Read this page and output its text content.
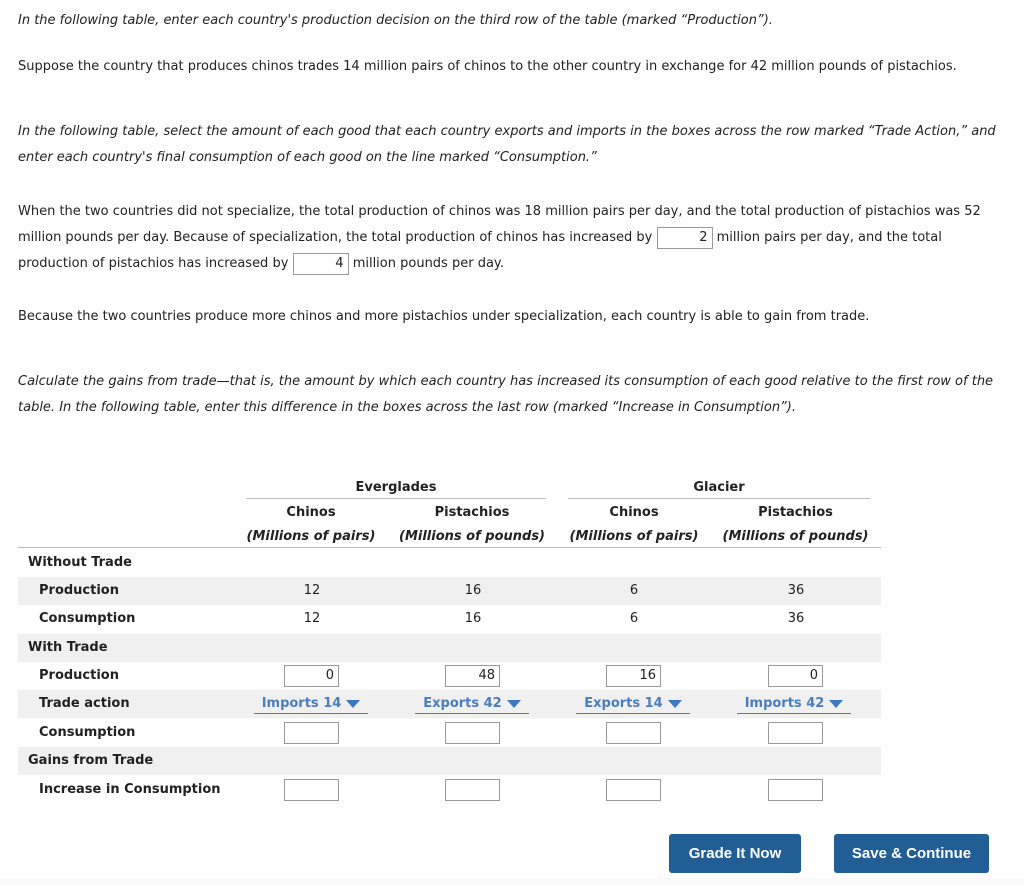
In the following table, enter each country's production decision on the third row of the table (marked “Production”).
Suppose the country that produces chinos trades 14 million pairs of chinos to the other country in exchange for 42 million pounds of pistachios.
In the following table, select the amount of each good that each country exports and imports in the boxes across the row marked “Trade Action,” and
enter each country's final consumption of each good on the line marked “Consumption.”
When the two countries did not specialize, the total production of chinos was 18 million pairs per day, and the total production of pistachios was 52
million pounds per day. Because of specialization, the total production of chinos has increased by	2 million pairs per day, and the total
production of pistachios has increased by	4 million pounds per day.
Because the two countries produce more chinos and more pistachios under specialization, each country is able to gain from trade.
Calculate the gains from trade—that is, the amount by which each country has increased its consumption of each good relative to the first row of the
table. In the following table, enter this difference in the boxes across the last row (marked “Increase in Consumption”).
Everglades	Glacier
Chinos	Pistachios	Chinos	Pistachios
(Millions of pairs) (Millions of pounds) (Millions of pairs) (Millions of pounds)
Without Trade
Production	12	16	6	36
Consumption	12	16	6	36
With Trade
Production	0	48	16	0
Trade action	Imports 14	Exports 42	Exports 14	Imports 42
Consumption
Gains from Trade
Increase in Consumption
Grade It Now	Save & Continue
